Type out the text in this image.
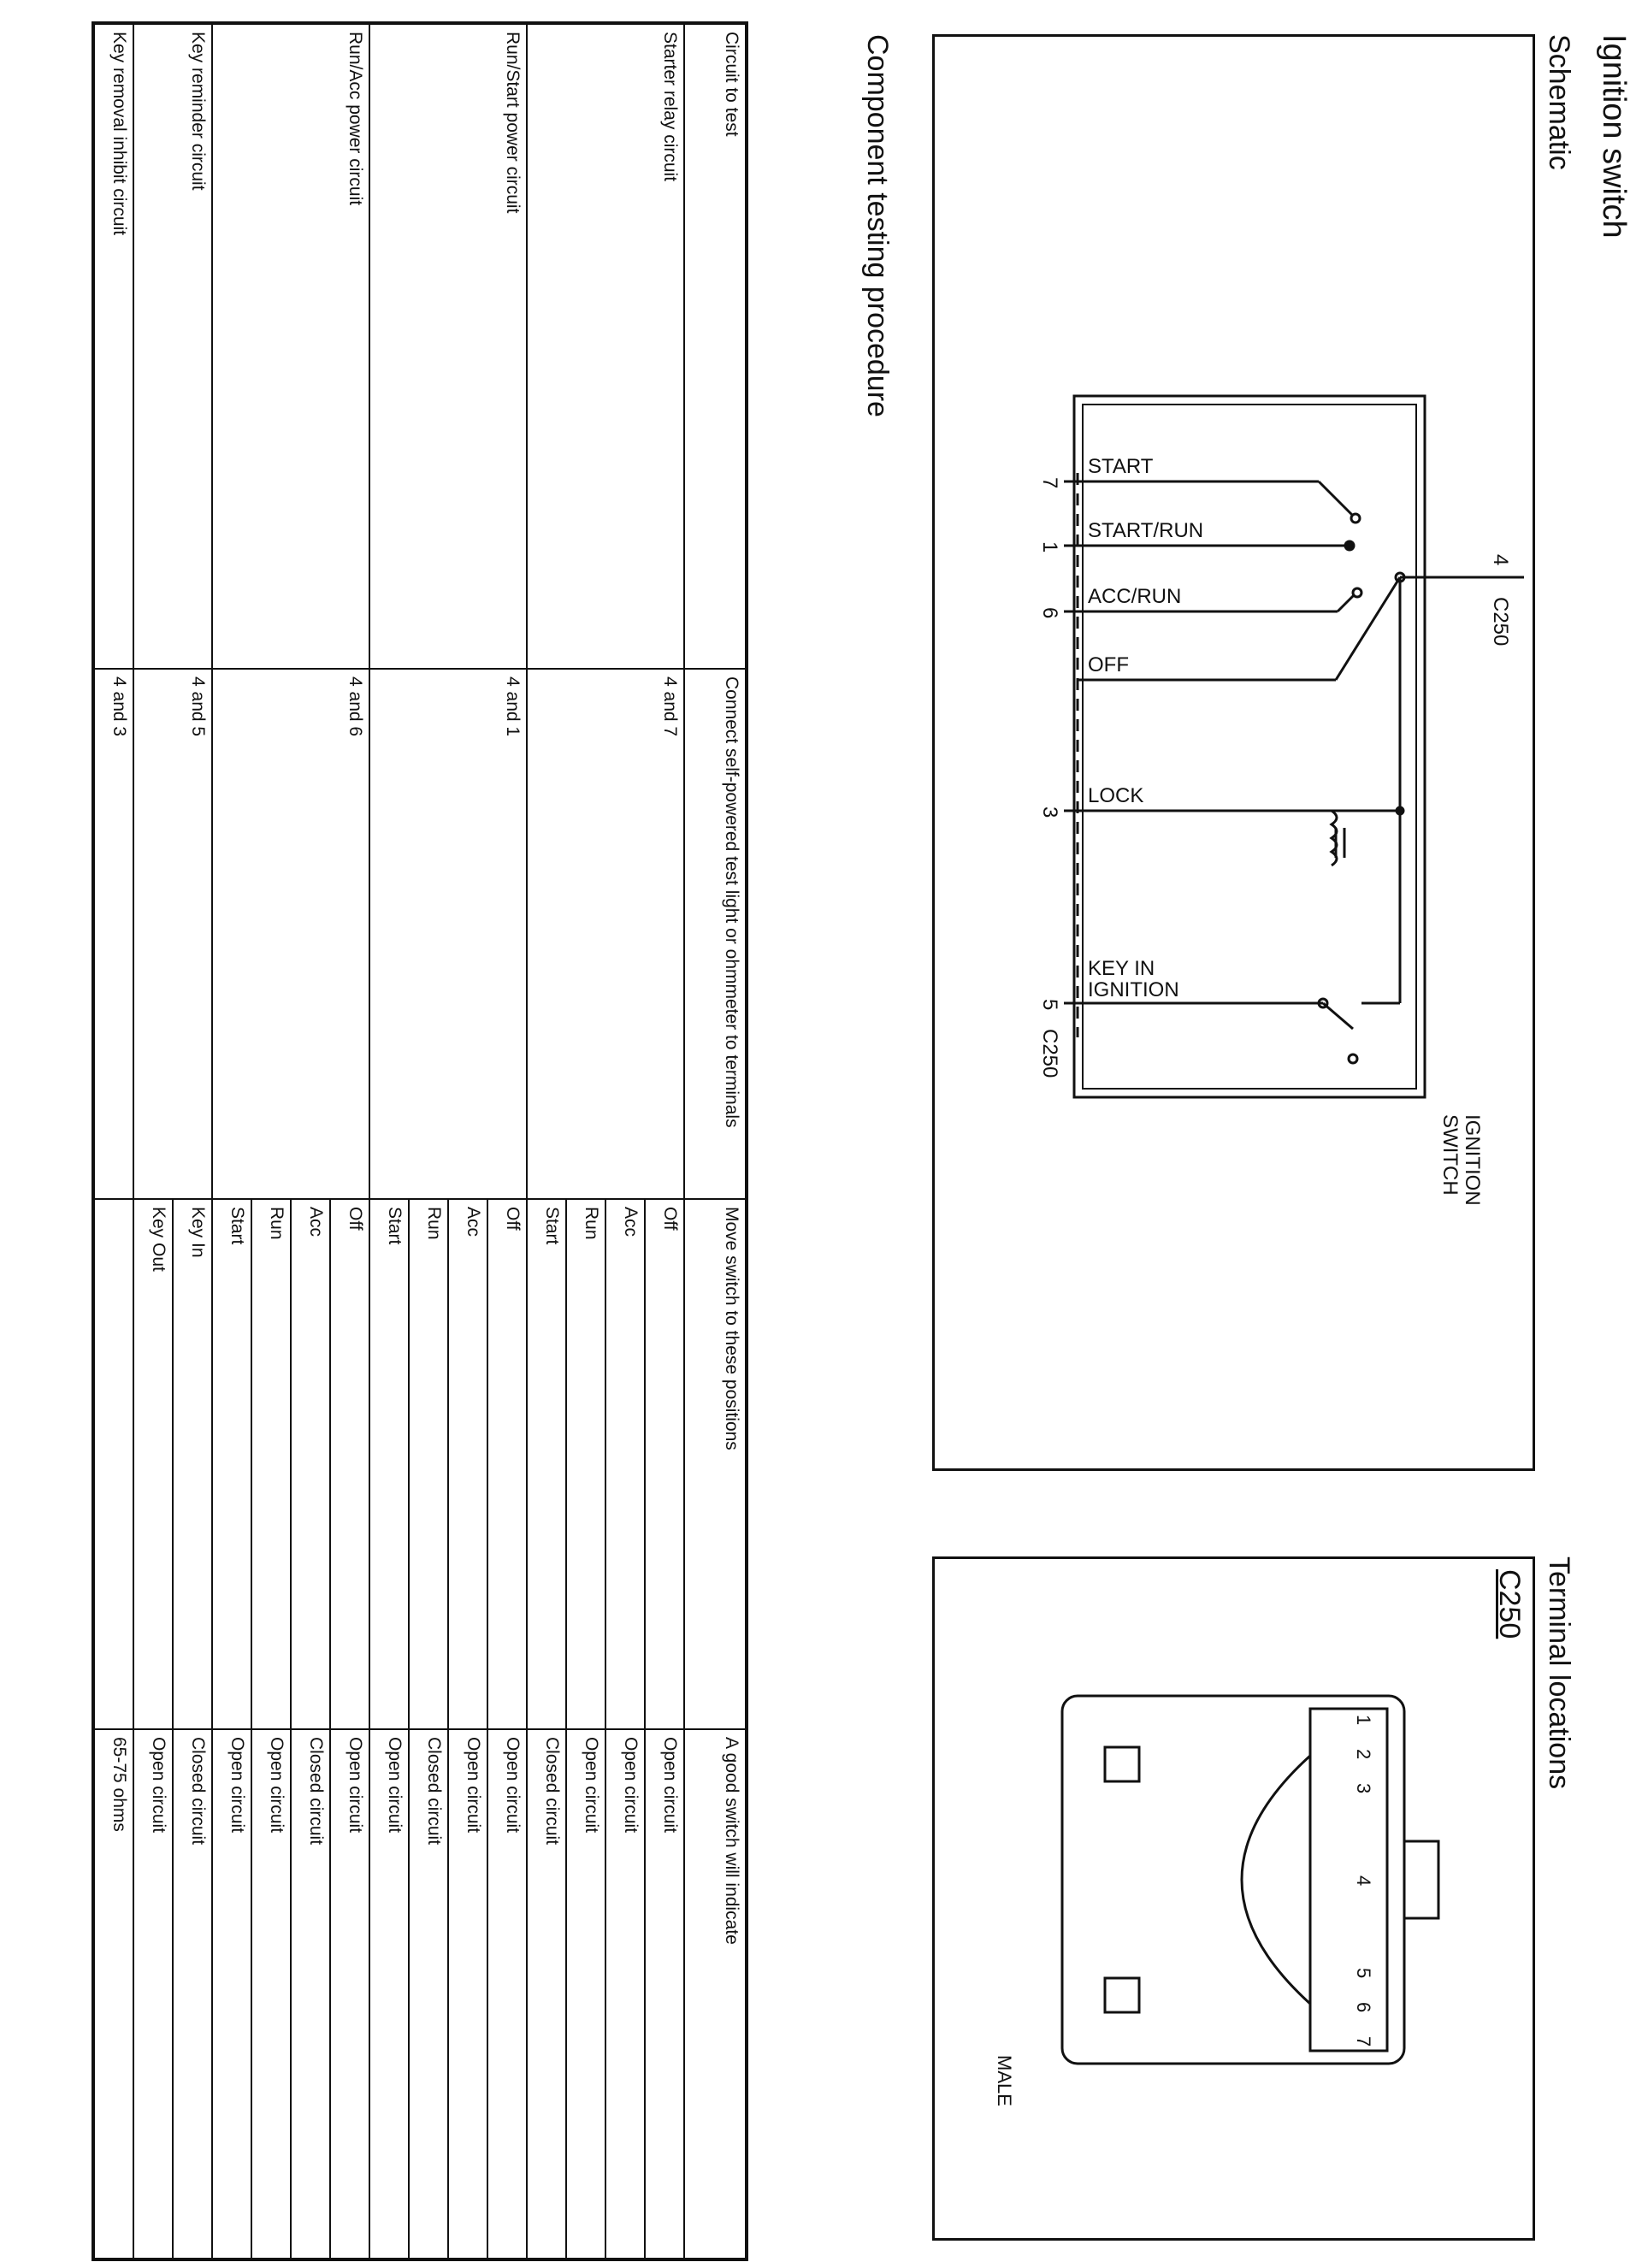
Ignition switch
Schematic
Terminal locations
START
START/RUN
ACC/RUN
OFF
LOCK
KEY IN
IGNITION
7
1
6
3
5
C250
4
C250
IGNITION
SWITCH
C250
MALE
1
2
3
4
5
6
7
Component testing procedure
Circuit to test	Connect self-powered test light or ohmmeter to terminals	Move switch to these positions	A good switch will indicate
Starter relay circuit	4 and 7	Off	Open circuit
		Acc	Open circuit
		Run	Open circuit
		Start	Closed circuit
Run/Start power circuit	4 and 1	Off	Open circuit
		Acc	Open circuit
		Run	Closed circuit
		Start	Open circuit
Run/Acc power circuit	4 and 6	Off	Open circuit
		Acc	Closed circuit
		Run	Open circuit
		Start	Open circuit
Key reminder circuit	4 and 5	Key In	Closed circuit
		Key Out	Open circuit
Key removal inhibit circuit	4 and 3		65-75 ohms
